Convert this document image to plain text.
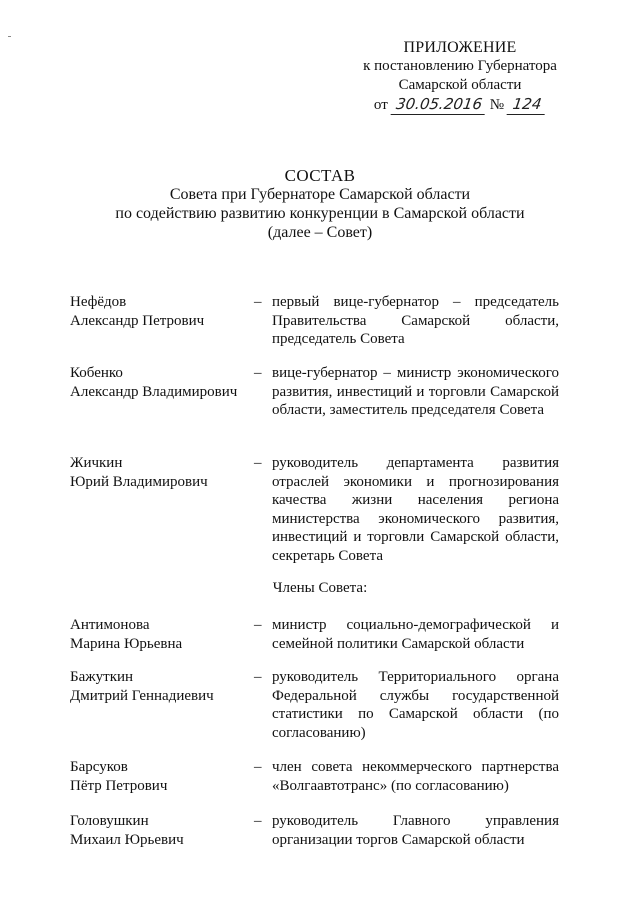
ПРИЛОЖЕНИЕ
к постановлению Губернатора
Самарской области
от 30.05.2016 № 124
СОСТАВ
Совета при Губернаторе Самарской области
по содействию развитию конкуренции в Самарской области
(далее – Совет)
Нефёдов
Александр Петрович
– первый вице-губернатор – председатель Правительства Самарской области, председатель Совета
Кобенко
Александр Владимирович
– вице-губернатор – министр экономического развития, инвестиций и торговли Самарской области, заместитель председателя Совета
Жичкин
Юрий Владимирович
– руководитель департамента развития отраслей экономики и прогнозирования качества жизни населения региона министерства экономического развития, инвестиций и торговли Самарской области, секретарь Совета
Члены Совета:
Антимонова
Марина Юрьевна
– министр социально-демографической и семейной политики Самарской области
Бажуткин
Дмитрий Геннадиевич
– руководитель Территориального органа Федеральной службы государственной статистики по Самарской области (по согласованию)
Барсуков
Пётр Петрович
– член совета некоммерческого партнерства «Волгаавтотранс» (по согласованию)
Головушкин
Михаил Юрьевич
– руководитель Главного управления организации торгов Самарской области
